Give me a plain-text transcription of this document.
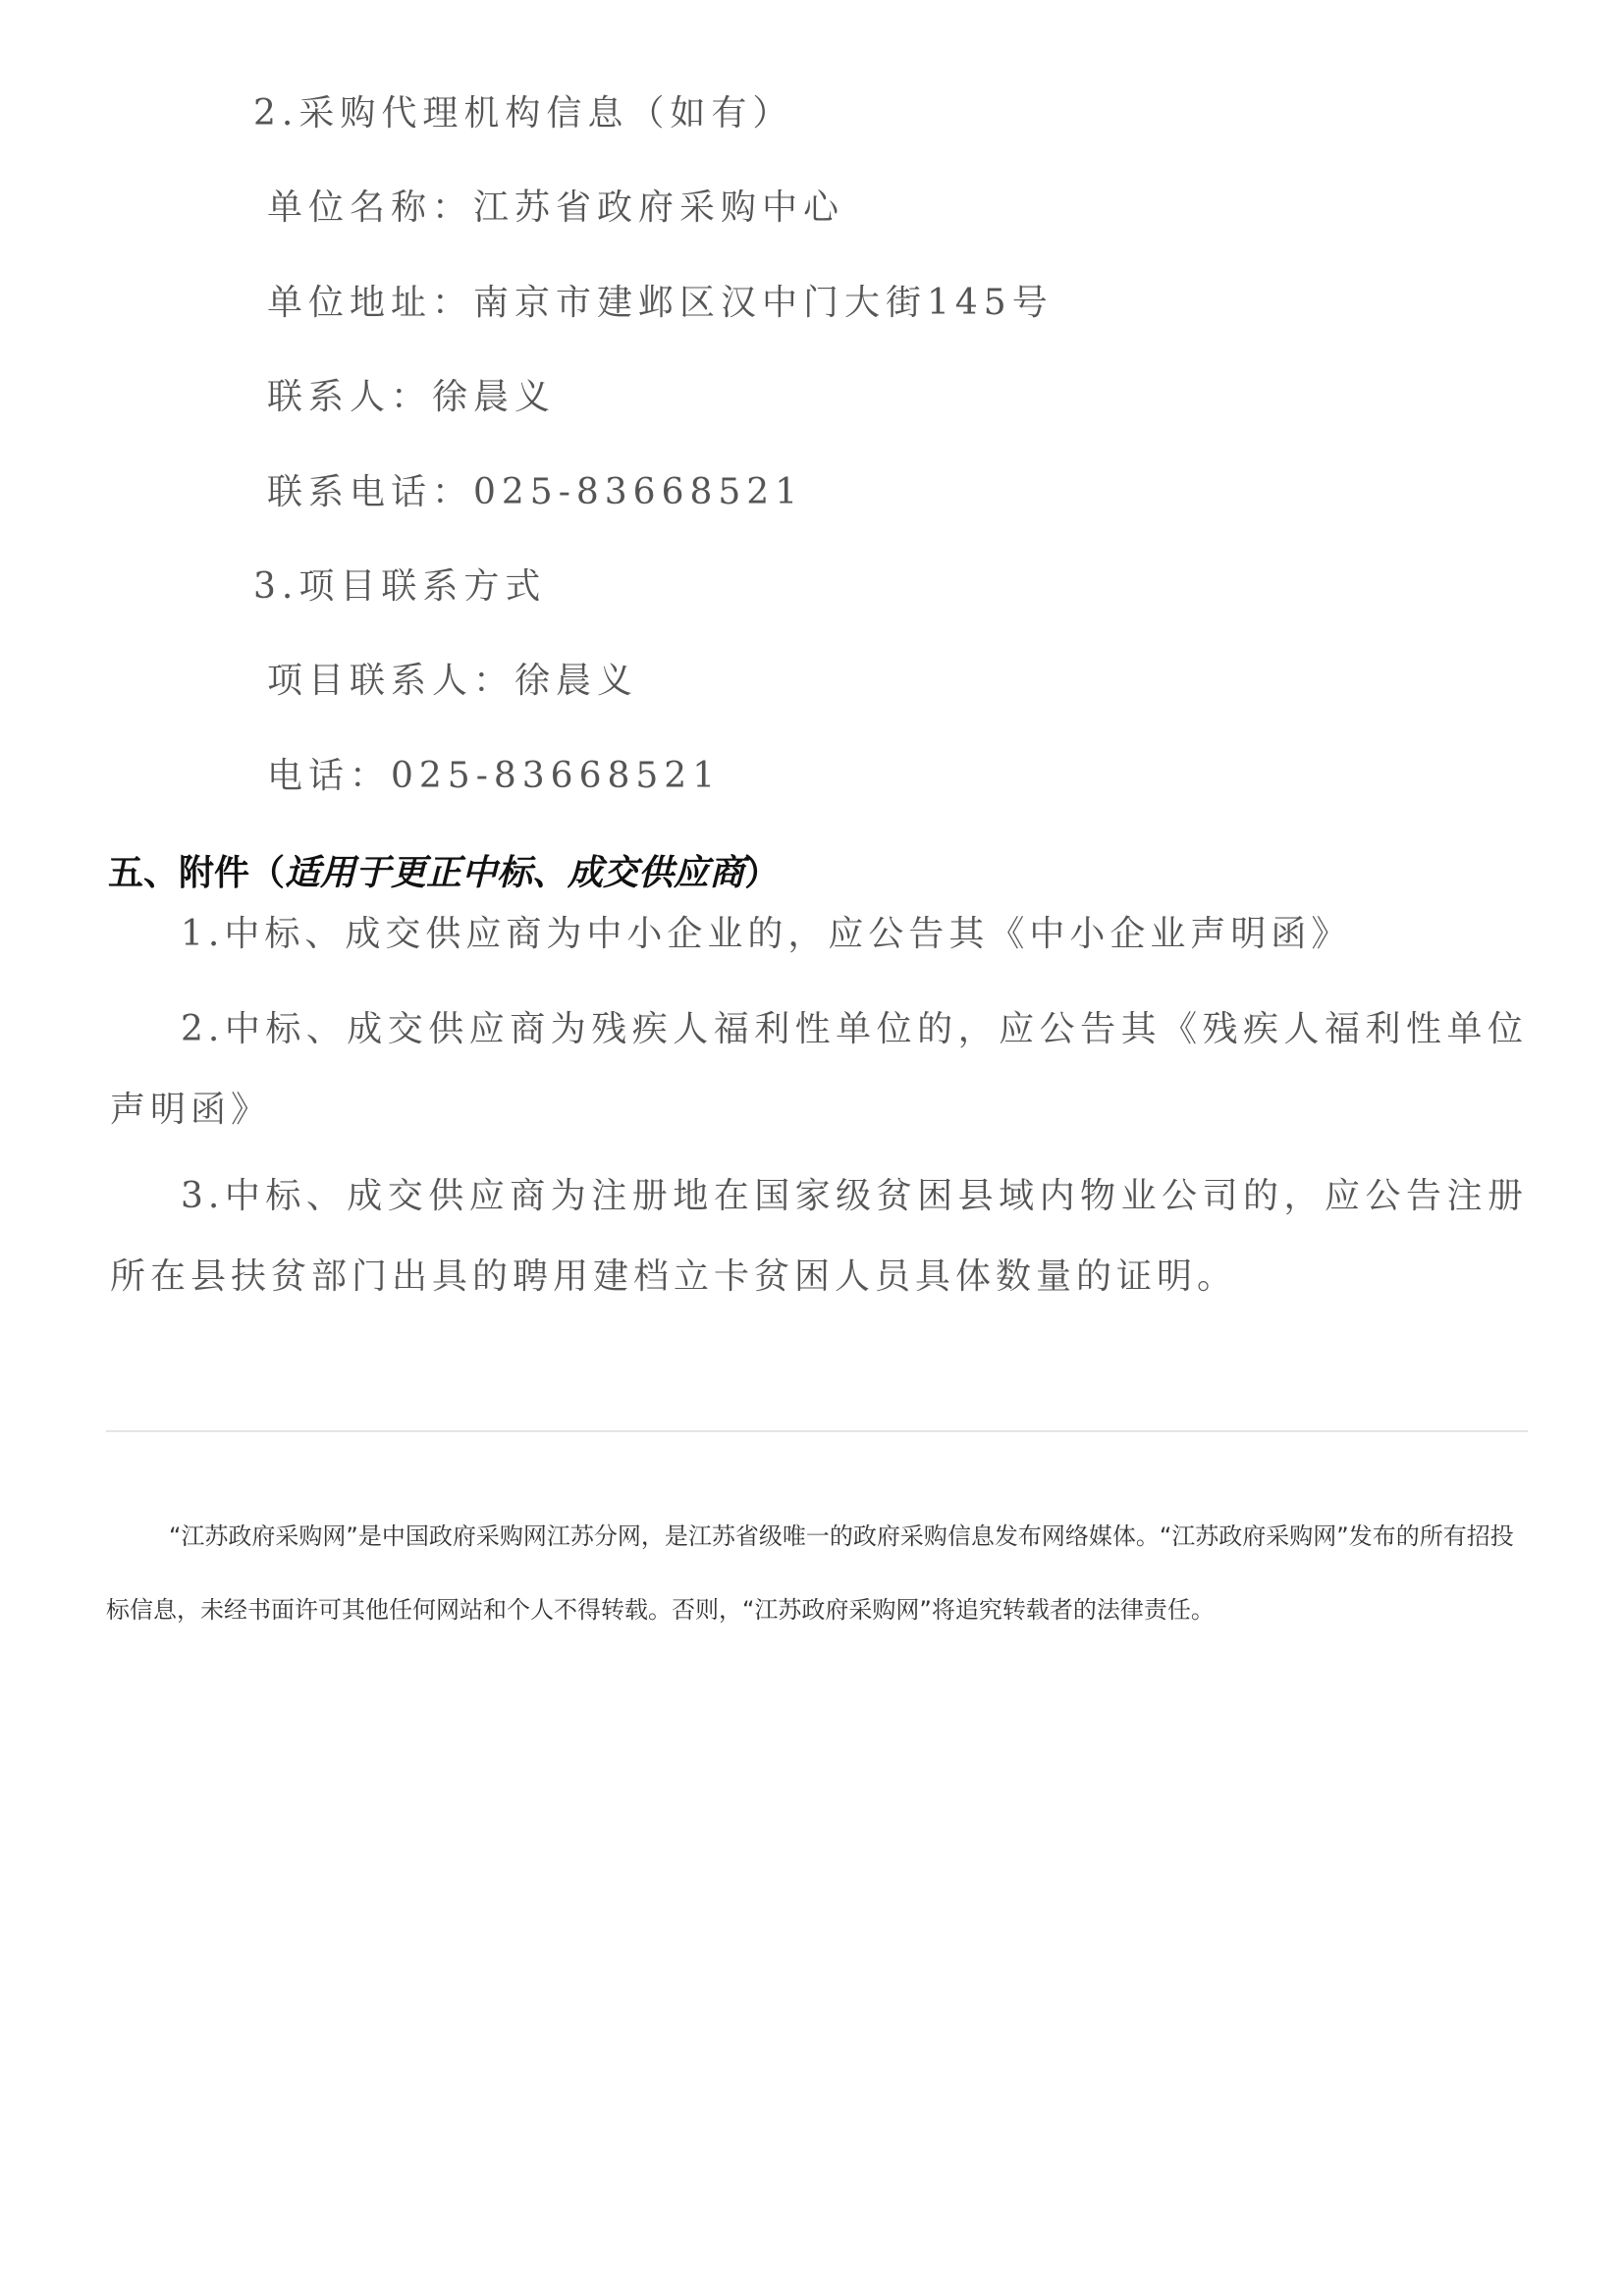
2.采购代理机构信息（如有）
单位名称：江苏省政府采购中心
单位地址：南京市建邺区汉中门大街145号
联系人：徐晨义
联系电话：025-83668521
3.项目联系方式
项目联系人：徐晨义
电话：025-83668521
五、附件（适用于更正中标、成交供应商）
1.中标、成交供应商为中小企业的，应公告其《中小企业声明函》
2.中标、成交供应商为残疾人福利性单位的，应公告其《残疾人福利性单位声明函》
3.中标、成交供应商为注册地在国家级贫困县域内物业公司的，应公告注册所在县扶贫部门出具的聘用建档立卡贫困人员具体数量的证明。
“江苏政府采购网”是中国政府采购网江苏分网，是江苏省级唯一的政府采购信息发布网络媒体。“江苏政府采购网”发布的所有招投标信息，未经书面许可其他任何网站和个人不得转载。否则，“江苏政府采购网”将追究转载者的法律责任。
